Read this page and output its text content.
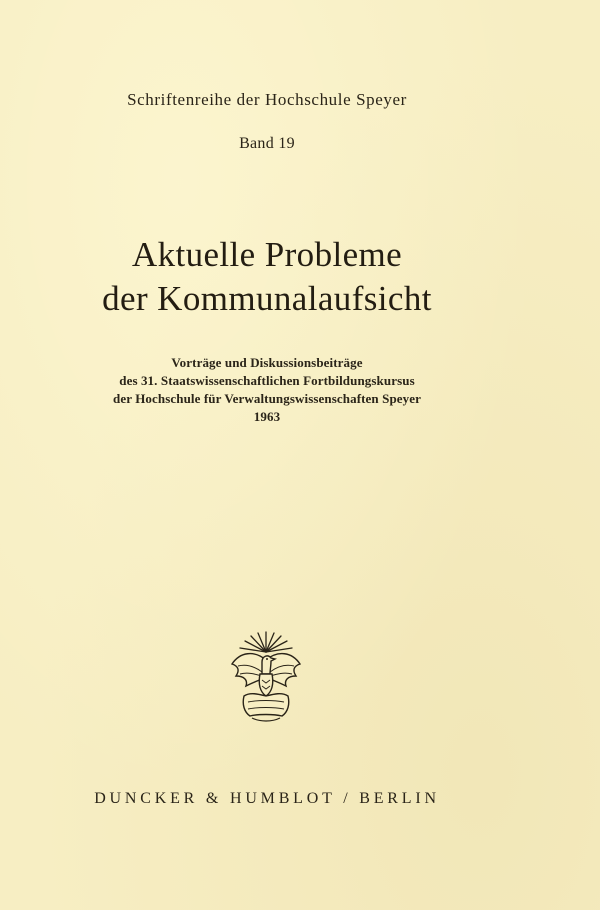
Schriftenreihe der Hochschule Speyer
Band 19
Aktuelle Probleme
der Kommunalaufsicht
Vorträge und Diskussionsbeiträge
des 31. Staatswissenschaftlichen Fortbildungskursus
der Hochschule für Verwaltungswissenschaften Speyer
1963
DUNCKER & HUMBLOT / BERLIN
